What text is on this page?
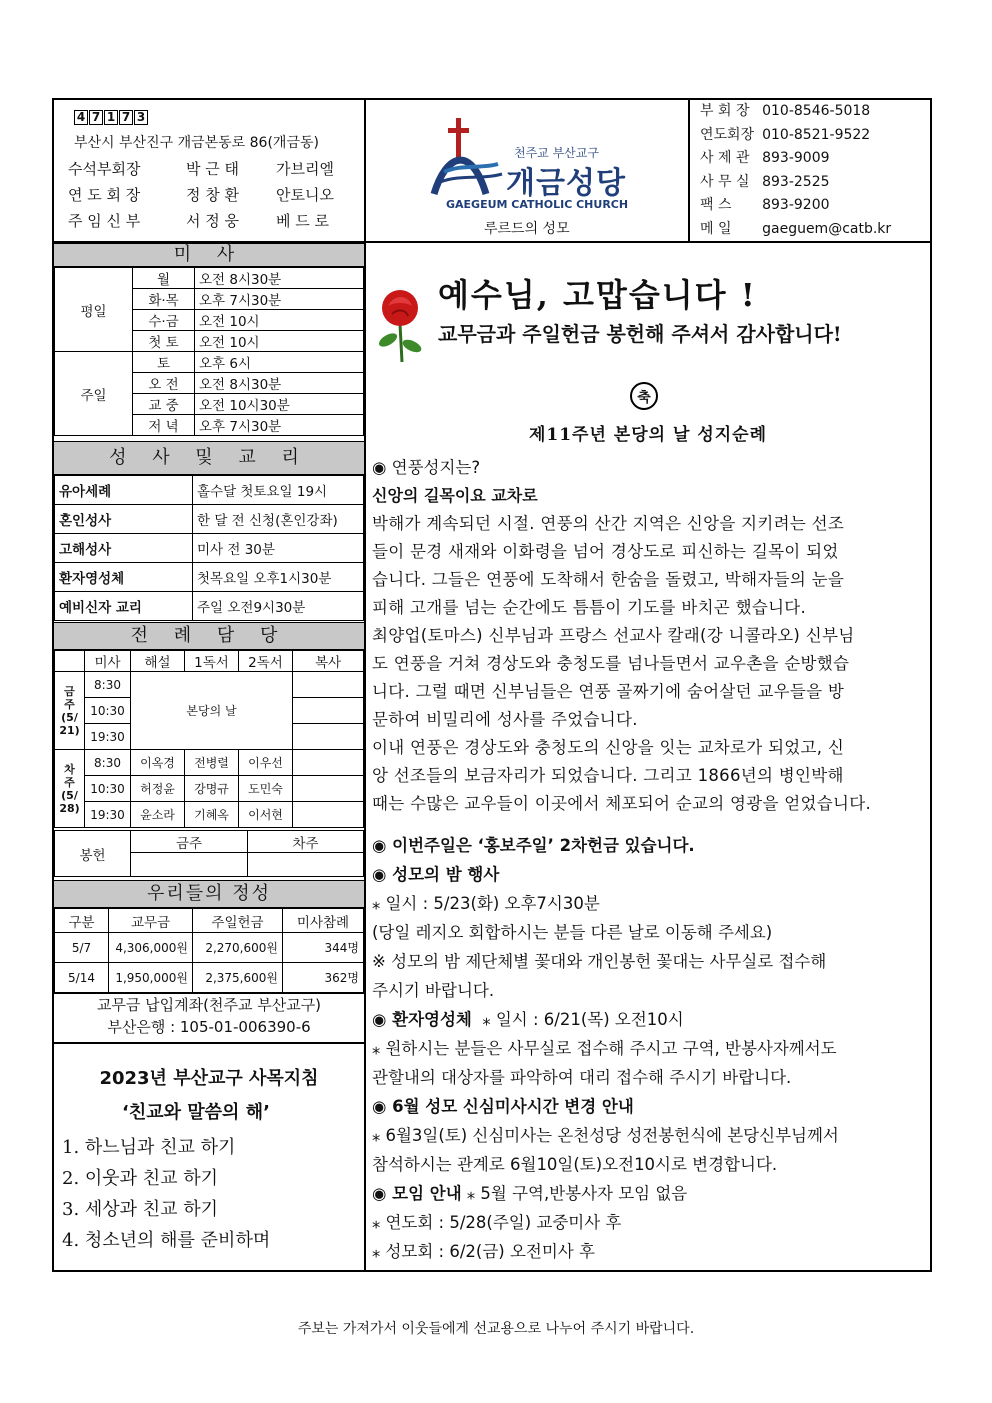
4 7 1 7 3
부산시 부산진구 개금본동로 86(개금동)
수석부회장	박 근 태 가브리엘
연 도 회 장	정 창 환 안토니오
주 임 신 부	서 정 웅 베 드 로
천주교 부산교구
개금성당
GAEGEUM CATHOLIC CHURCH
루르드의 성모
부 회 장	010-8546-5018
연도회장	010-8521-9522
사 제 관	893-9009
사 무 실	893-2525
팩 스	893-9200
메 일	gaeguem@catb.kr
미 사
평일	월	오전 8시30분
	화·목	오후 7시30분
	수·금	오전 10시
	첫 토	오전 10시
주일	토	오후 6시
	오 전	오전 8시30분
	교 중	오전 10시30분
	저 녁	오후 7시30분
성 사 및 교 리
유아세례	홀수달 첫토요일 19시
혼인성사	한 달 전 신청(혼인강좌)
고해성사	미사 전 30분
환자영성체	첫목요일 오후1시30분
예비신자 교리	주일 오전9시30분
전 례 담 당
	미사	해설	1독서	2독서	복사

금
주
(5/
21)	8:30	본당의 날			
	10:30				
	19:30				

차
주
(5/
28)	8:30	이옥경	전병렬	이우선	
	10:30	허정윤	강명규	도민숙	
	19:30	윤소라	기혜옥	이서현	
봉헌	금주	차주

우리들의 정성
구분	교무금	주일헌금	미사참례
5/7	4,306,000원	2,270,600원	344명
5/14	1,950,000원	2,375,600원	362명
교무금 납입계좌(천주교 부산교구)
부산은행 : 105-01-006390-6
2023년 부산교구 사목지침
‘친교와 말씀의 해’
1. 하느님과 친교 하기
2. 이웃과 친교 하기
3. 세상과 친교 하기
4. 청소년의 해를 준비하며
예수님, 고맙습니다 !
교무금과 주일헌금 봉헌해 주셔서 감사합니다!
축
제11주년 본당의 날 성지순례
◉ 연풍성지는?
신앙의 길목이요 교차로
박해가 계속되던 시절. 연풍의 산간 지역은 신앙을 지키려는 선조
들이 문경 새재와 이화령을 넘어 경상도로 피신하는 길목이 되었
습니다. 그들은 연풍에 도착해서 한숨을 돌렸고, 박해자들의 눈을
피해 고개를 넘는 순간에도 틈틈이 기도를 바치곤 했습니다.
최양업(토마스) 신부님과 프랑스 선교사 칼래(강 니콜라오) 신부님
도 연풍을 거쳐 경상도와 충청도를 넘나들면서 교우촌을 순방했습
니다. 그럴 때면 신부님들은 연풍 골짜기에 숨어살던 교우들을 방
문하여 비밀리에 성사를 주었습니다.
이내 연풍은 경상도와 충청도의 신앙을 잇는 교차로가 되었고, 신
앙 선조들의 보금자리가 되었습니다. 그리고 1866년의 병인박해
때는 수많은 교우들이 이곳에서 체포되어 순교의 영광을 얻었습니다.
◉ 이번주일은 ‘홍보주일’ 2차헌금 있습니다.
◉ 성모의 밤 행사
⁎ 일시 : 5/23(화) 오후7시30분
(당일 레지오 회합하시는 분들 다른 날로 이동해 주세요)
※ 성모의 밤 제단체별 꽃대와 개인봉헌 꽃대는 사무실로 접수해
주시기 바랍니다.
◉ 환자영성체 ⁎ 일시 : 6/21(목) 오전10시
⁎ 원하시는 분들은 사무실로 접수해 주시고 구역, 반봉사자께서도
관할내의 대상자를 파악하여 대리 접수해 주시기 바랍니다.
◉ 6월 성모 신심미사시간 변경 안내
⁎ 6월3일(토) 신심미사는 온천성당 성전봉헌식에 본당신부님께서
참석하시는 관계로 6월10일(토)오전10시로 변경합니다.
◉ 모임 안내 ⁎ 5월 구역,반봉사자 모임 없음
⁎ 연도회 : 5/28(주일) 교중미사 후
⁎ 성모회 : 6/2(금) 오전미사 후
주보는 가져가서 이웃들에게 선교용으로 나누어 주시기 바랍니다.
